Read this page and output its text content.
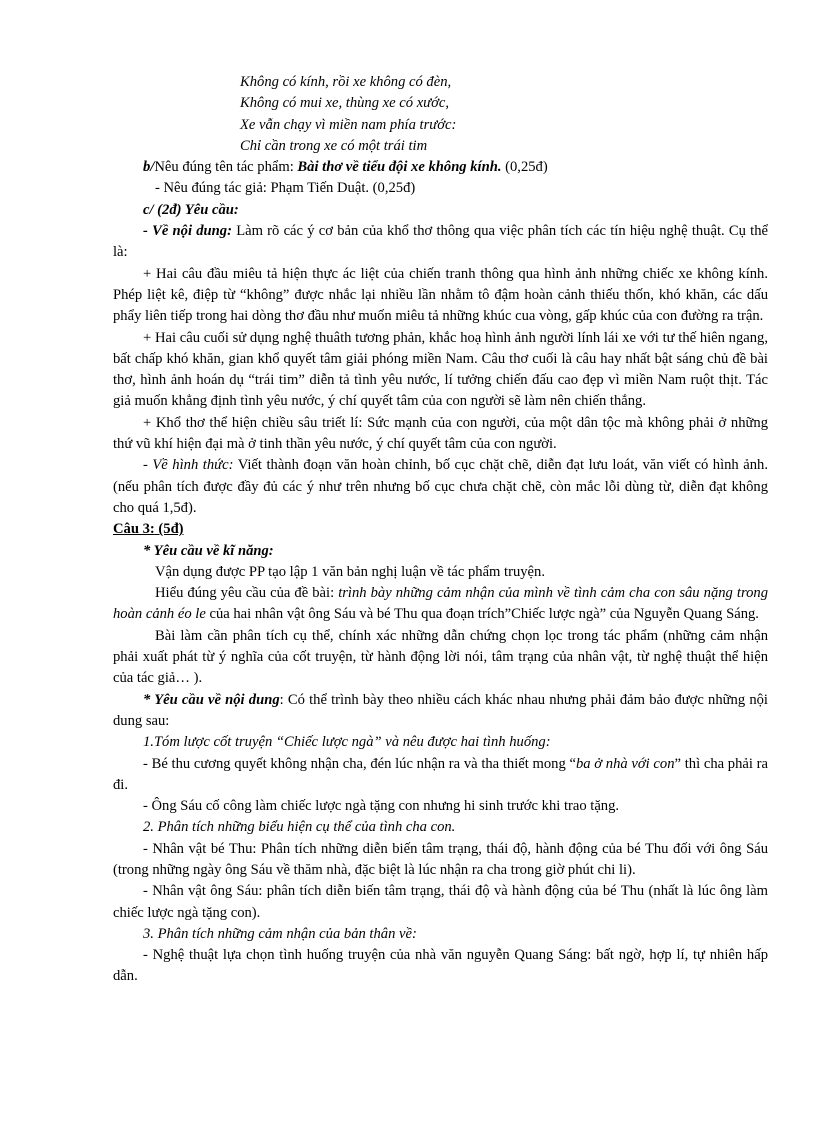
Không có kính, rồi xe không có đèn,
Không có mui xe, thùng xe có xước,
Xe vẫn chạy vì miền nam phía trước:
Chỉ cần trong xe có một trái tim

b/Nêu đúng tên tác phẩm: Bài thơ về tiểu đội xe không kính. (0,25đ)

- Nêu đúng tác giả: Phạm Tiến Duật. (0,25đ)

c/ (2đ) Yêu cầu:

- Về nội dung: Làm rõ các ý cơ bản của khổ thơ thông qua việc phân tích các tín hiệu nghệ thuật. Cụ thể là:

+ Hai câu đầu miêu tả hiện thực ác liệt của chiến tranh thông qua hình ảnh những chiếc xe không kính. Phép liệt kê, điệp từ “không” được nhắc lại nhiều lần nhằm tô đậm hoàn cảnh thiếu thốn, khó khăn, các dấu phẩy liên tiếp trong hai dòng thơ đầu như muốn miêu tả những khúc cua vòng, gấp khúc của con đường ra trận.

+ Hai câu cuối sử dụng nghệ thuâth tương phản, khắc hoạ hình ảnh người lính lái xe với tư thế hiên ngang, bất chấp khó khăn, gian khổ quyết tâm giải phóng miền Nam. Câu thơ cuối là câu hay nhất bật sáng chủ đề bài thơ, hình ảnh hoán dụ “trái tim” diễn tả tình yêu nước, lí tưởng chiến đấu cao đẹp vì miền Nam ruột thịt. Tác giả muốn khẳng định tình yêu nước, ý chí quyết tâm của con người sẽ làm nên chiến thắng.

+ Khổ thơ thể hiện chiều sâu triết lí: Sức mạnh của con người, của một dân tộc mà không phải ở những thứ vũ khí hiện đại mà ở tinh thần yêu nước, ý chí quyết tâm của con người.

- Về hình thức: Viết thành đoạn văn hoàn chỉnh, bố cục chặt chẽ, diễn đạt lưu loát, văn viết có hình ảnh. (nếu phân tích được đầy đủ các ý như trên nhưng bố cục chưa chặt chẽ, còn mắc lỗi dùng từ, diễn đạt không cho quá 1,5đ).

Câu 3: (5đ)

* Yêu cầu về kĩ năng:

Vận dụng được PP tạo lập 1 văn bản nghị luận về tác phẩm truyện.

Hiểu đúng yêu cầu của đề bài: trình bày những cảm nhận của mình về tình cảm cha con sâu nặng trong hoàn cảnh éo le của hai nhân vật ông Sáu và bé Thu qua đoạn trích”Chiếc lược ngà” của Nguyễn Quang Sáng.

Bài làm cần phân tích cụ thể, chính xác những dẫn chứng chọn lọc trong tác phẩm (những cảm nhận phải xuất phát từ ý nghĩa của cốt truyện, từ hành động lời nói, tâm trạng của nhân vật, từ nghệ thuật thể hiện của tác giả… ).

* Yêu cầu về nội dung: Có thể trình bày theo nhiều cách khác nhau nhưng phải đảm bảo được những nội dung sau:

1.Tóm lược cốt truyện “Chiếc lược ngà” và nêu được hai tình huống:

- Bé thu cương quyết không nhận cha, đén lúc nhận ra và tha thiết mong “ba ở nhà với con” thì cha phải ra đi.

- Ông Sáu cố công làm chiếc lược ngà tặng con nhưng hi sinh trước khi trao tặng.

2. Phân tích những biểu hiện cụ thể của tình cha con.

- Nhân vật bé Thu: Phân tích những diễn biến tâm trạng, thái độ, hành động của bé Thu đối với ông Sáu (trong những ngày ông Sáu về thăm nhà, đặc biệt là lúc nhận ra cha trong giờ phút chi li).

- Nhân vật ông Sáu: phân tích diễn biến tâm trạng, thái độ và hành động của bé Thu (nhất là lúc ông làm chiếc lược ngà tặng con).

3. Phân tích những cảm nhận của bản thân về:

- Nghệ thuật lựa chọn tình huống truyện của nhà văn nguyễn Quang Sáng: bất ngờ, hợp lí, tự nhiên hấp dẫn.
